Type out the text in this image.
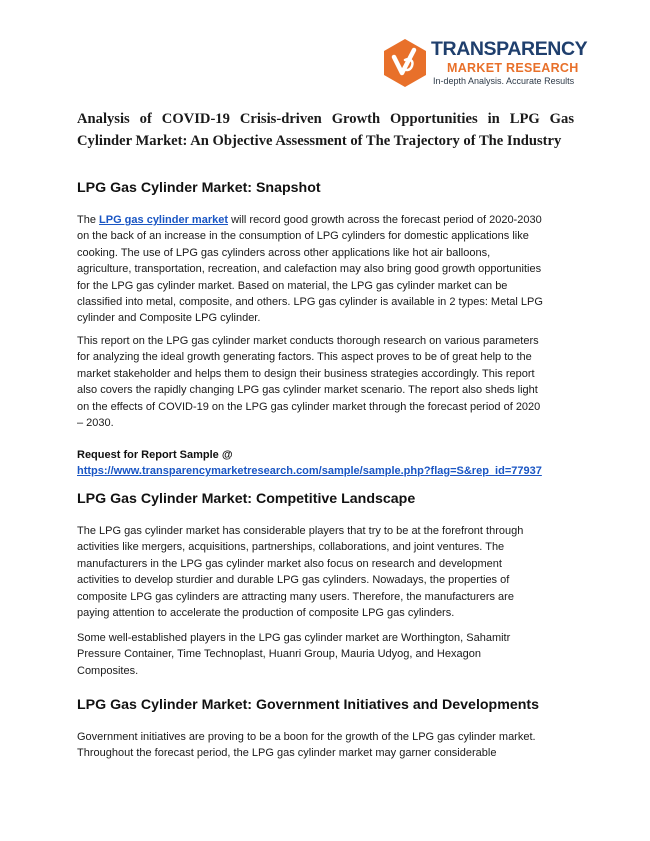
TRANSPARENCY
MARKET RESEARCH
In-depth Analysis. Accurate Results
Analysis of COVID-19 Crisis-driven Growth Opportunities in LPG Gas
Cylinder Market: An Objective Assessment of The Trajectory of The Industry
LPG Gas Cylinder Market: Snapshot
The LPG gas cylinder market will record good growth across the forecast period of 2020-2030
on the back of an increase in the consumption of LPG cylinders for domestic applications like
cooking. The use of LPG gas cylinders across other applications like hot air balloons,
agriculture, transportation, recreation, and calefaction may also bring good growth opportunities
for the LPG gas cylinder market. Based on material, the LPG gas cylinder market can be
classified into metal, composite, and others. LPG gas cylinder is available in 2 types: Metal LPG
cylinder and Composite LPG cylinder.
This report on the LPG gas cylinder market conducts thorough research on various parameters
for analyzing the ideal growth generating factors. This aspect proves to be of great help to the
market stakeholder and helps them to design their business strategies accordingly. This report
also covers the rapidly changing LPG gas cylinder market scenario. The report also sheds light
on the effects of COVID-19 on the LPG gas cylinder market through the forecast period of 2020
– 2030.
Request for Report Sample @
https://www.transparencymarketresearch.com/sample/sample.php?flag=S&rep_id=77937
LPG Gas Cylinder Market: Competitive Landscape
The LPG gas cylinder market has considerable players that try to be at the forefront through
activities like mergers, acquisitions, partnerships, collaborations, and joint ventures. The
manufacturers in the LPG gas cylinder market also focus on research and development
activities to develop sturdier and durable LPG gas cylinders. Nowadays, the properties of
composite LPG gas cylinders are attracting many users. Therefore, the manufacturers are
paying attention to accelerate the production of composite LPG gas cylinders.
Some well-established players in the LPG gas cylinder market are Worthington, Sahamitr
Pressure Container, Time Technoplast, Huanri Group, Mauria Udyog, and Hexagon
Composites.
LPG Gas Cylinder Market: Government Initiatives and Developments
Government initiatives are proving to be a boon for the growth of the LPG gas cylinder market.
Throughout the forecast period, the LPG gas cylinder market may garner considerable
